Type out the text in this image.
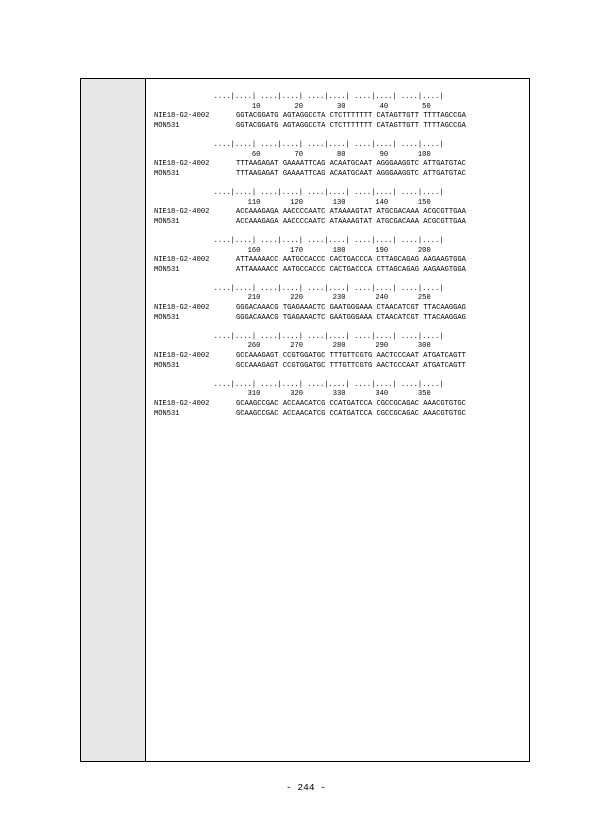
....|....| ....|....| ....|....| ....|....| ....|....|
10        20        30        40        50
NIE18-G2-4002	GGTACGGATG AGTAGGCCTA CTCTTTTTTT CATAGTTGTT TTTTAGCCGA
MON531	GGTACGGATG AGTAGGCCTA CTCTTTTTTT CATAGTTGTT TTTTAGCCGA
....|....| ....|....| ....|....| ....|....| ....|....|
60        70        80        90       100
NIE18-G2-4002	TTTAAGAGAT GAAAATTCAG ACAATGCAAT AGGGAAGGTC ATTGATGTAC
MON531	TTTAAGAGAT GAAAATTCAG ACAATGCAAT AGGGAAGGTC ATTGATGTAC
....|....| ....|....| ....|....| ....|....| ....|....|
110       120       130       140       150
NIE18-G2-4002	ACCAAAGAGA AACCCCAATC ATAAAAGTAT ATGCGACAAA ACGCGTTGAA
MON531	ACCAAAGAGA AACCCCAATC ATAAAAGTAT ATGCGACAAA ACGCGTTGAA
....|....| ....|....| ....|....| ....|....| ....|....|
160       170       180       190       200
NIE18-G2-4002	ATTAAAAACC AATGCCACCC CACTGACCCA CTTAGCAGAG AAGAAGTGGA
MON531	ATTAAAAACC AATGCCACCC CACTGACCCA CTTAGCAGAG AAGAAGTGGA
....|....| ....|....| ....|....| ....|....| ....|....|
210       220       230       240       250
NIE18-G2-4002	GGGACAAACG TGAGAAACTC GAATGGGAAA CTAACATCGT TTACAAGGAG
MON531	GGGACAAACG TGAGAAACTC GAATGGGAAA CTAACATCGT TTACAAGGAG
....|....| ....|....| ....|....| ....|....| ....|....|
260       270       280       290       300
NIE18-G2-4002	GCCAAAGAGT CCGTGGATGC TTTGTTCGTG AACTCCCAAT ATGATCAGTT
MON531	GCCAAAGAGT CCGTGGATGC TTTGTTCGTG AACTCCCAAT ATGATCAGTT
....|....| ....|....| ....|....| ....|....| ....|....|
310       320       330       340       350
NIE18-G2-4002	GCAAGCCGAC ACCAACATCG CCATGATCCA CGCCGCAGAC AAACGTGTGC
MON531	GCAAGCCGAC ACCAACATCG CCATGATCCA CGCCGCAGAC AAACGTGTGC
- 244 -
